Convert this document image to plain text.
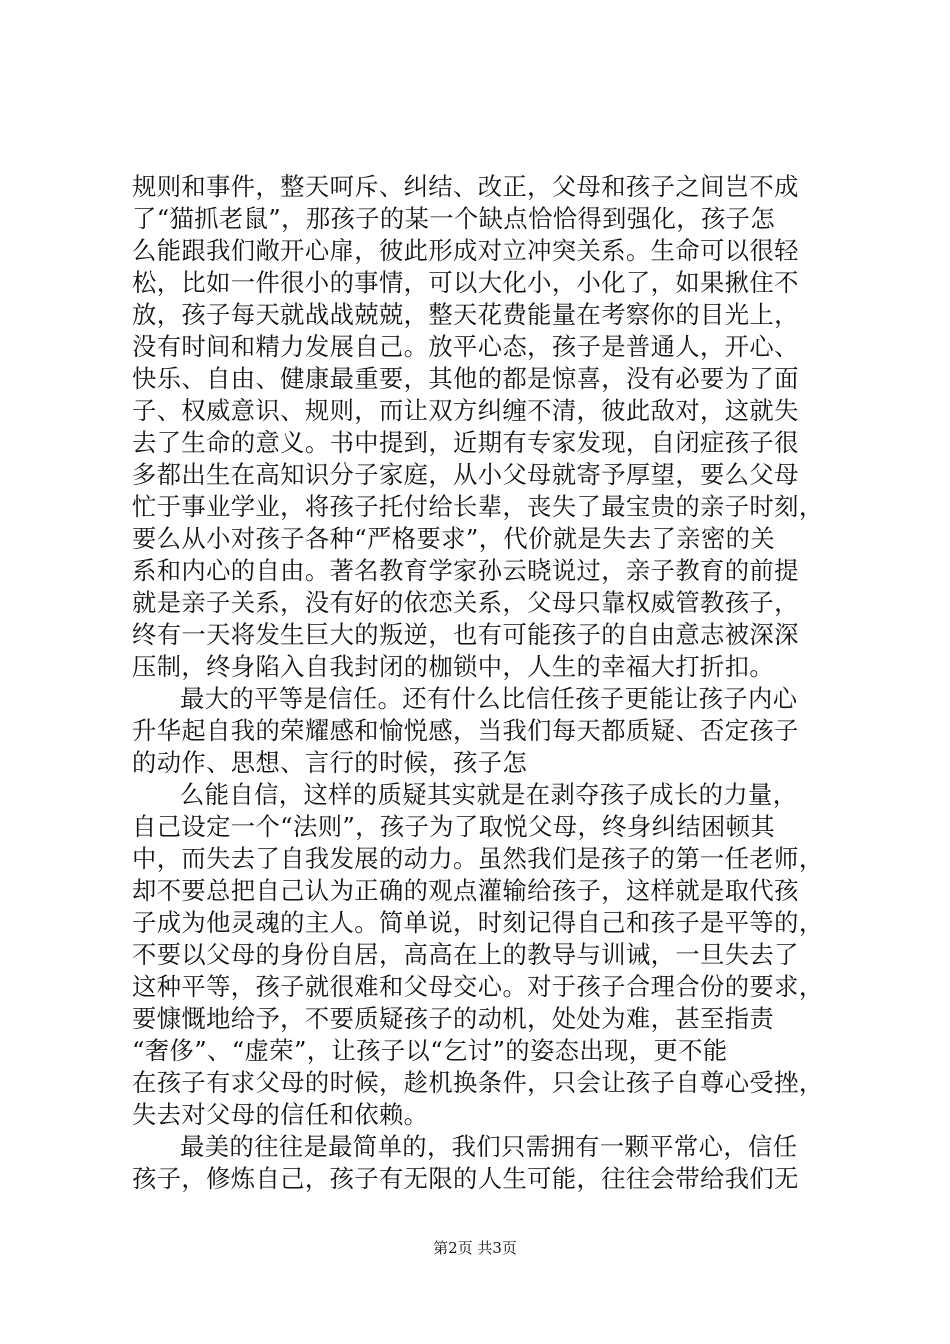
规则和事件，整天呵斥、纠结、改正，父母和孩子之间岂不成
了“猫抓老鼠”，那孩子的某一个缺点恰恰得到强化，孩子怎
么能跟我们敞开心扉，彼此形成对立冲突关系。生命可以很轻
松，比如一件很小的事情，可以大化小，小化了，如果揪住不
放，孩子每天就战战兢兢，整天花费能量在考察你的目光上，
没有时间和精力发展自己。放平心态，孩子是普通人，开心、
快乐、自由、健康最重要，其他的都是惊喜，没有必要为了面
子、权威意识、规则，而让双方纠缠不清，彼此敌对，这就失
去了生命的意义。书中提到，近期有专家发现，自闭症孩子很
多都出生在高知识分子家庭，从小父母就寄予厚望，要么父母
忙于事业学业，将孩子托付给长辈，丧失了最宝贵的亲子时刻，
要么从小对孩子各种“严格要求”，代价就是失去了亲密的关
系和内心的自由。著名教育学家孙云晓说过，亲子教育的前提
就是亲子关系，没有好的依恋关系，父母只靠权威管教孩子，
终有一天将发生巨大的叛逆，也有可能孩子的自由意志被深深
压制，终身陷入自我封闭的枷锁中，人生的幸福大打折扣。
最大的平等是信任。还有什么比信任孩子更能让孩子内心
升华起自我的荣耀感和愉悦感，当我们每天都质疑、否定孩子
的动作、思想、言行的时候，孩子怎
么能自信，这样的质疑其实就是在剥夺孩子成长的力量，
自己设定一个“法则”，孩子为了取悦父母，终身纠结困顿其
中，而失去了自我发展的动力。虽然我们是孩子的第一任老师，
却不要总把自己认为正确的观点灌输给孩子，这样就是取代孩
子成为他灵魂的主人。简单说，时刻记得自己和孩子是平等的，
不要以父母的身份自居，高高在上的教导与训诫，一旦失去了
这种平等，孩子就很难和父母交心。对于孩子合理合份的要求，
要慷慨地给予，不要质疑孩子的动机，处处为难，甚至指责
“奢侈”、“虚荣”，让孩子以“乞讨”的姿态出现，更不能
在孩子有求父母的时候，趁机换条件，只会让孩子自尊心受挫，
失去对父母的信任和依赖。
最美的往往是最简单的，我们只需拥有一颗平常心，信任
孩子，修炼自己，孩子有无限的人生可能，往往会带给我们无
第2页 共3页
